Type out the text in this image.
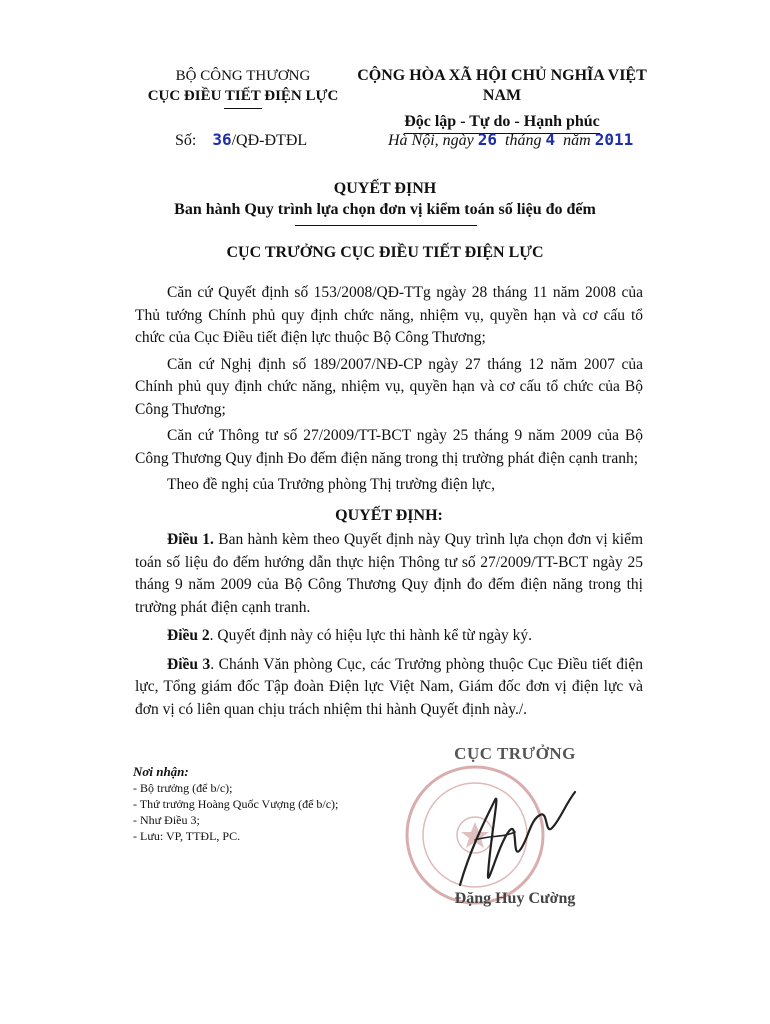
BỘ CÔNG THƯƠNG
CỤC ĐIỀU TIẾT ĐIỆN LỰC
CỘNG HÒA XÃ HỘI CHỦ NGHĨA VIỆT NAM
Độc lập - Tự do - Hạnh phúc
Số: 36/QĐ-ĐTĐL	Hà Nội, ngày 26 tháng 4 năm 2011
QUYẾT ĐỊNH
Ban hành Quy trình lựa chọn đơn vị kiểm toán số liệu đo đếm
CỤC TRƯỞNG CỤC ĐIỀU TIẾT ĐIỆN LỰC

Căn cứ Quyết định số 153/2008/QĐ-TTg ngày 28 tháng 11 năm 2008 của Thủ tướng Chính phủ quy định chức năng, nhiệm vụ, quyền hạn và cơ cấu tổ chức của Cục Điều tiết điện lực thuộc Bộ Công Thương;

Căn cứ Nghị định số 189/2007/NĐ-CP ngày 27 tháng 12 năm 2007 của Chính phủ quy định chức năng, nhiệm vụ, quyền hạn và cơ cấu tổ chức của Bộ Công Thương;

Căn cứ Thông tư số 27/2009/TT-BCT ngày 25 tháng 9 năm 2009 của Bộ Công Thương Quy định Đo đếm điện năng trong thị trường phát điện cạnh tranh;

Theo đề nghị của Trưởng phòng Thị trường điện lực,

QUYẾT ĐỊNH:

Điều 1. Ban hành kèm theo Quyết định này Quy trình lựa chọn đơn vị kiểm toán số liệu đo đếm hướng dẫn thực hiện Thông tư số 27/2009/TT-BCT ngày 25 tháng 9 năm 2009 của Bộ Công Thương Quy định đo đếm điện năng trong thị trường phát điện cạnh tranh.

Điều 2. Quyết định này có hiệu lực thi hành kể từ ngày ký.

Điều 3. Chánh Văn phòng Cục, các Trưởng phòng thuộc Cục Điều tiết điện lực, Tổng giám đốc Tập đoàn Điện lực Việt Nam, Giám đốc đơn vị điện lực và đơn vị có liên quan chịu trách nhiệm thi hành Quyết định này./.

Nơi nhận:
- Bộ trưởng (để b/c);
- Thứ trưởng Hoàng Quốc Vượng (để b/c);
- Như Điều 3;
- Lưu: VP, TTĐL, PC.
CỤC TRƯỞNG
Đặng Huy Cường
